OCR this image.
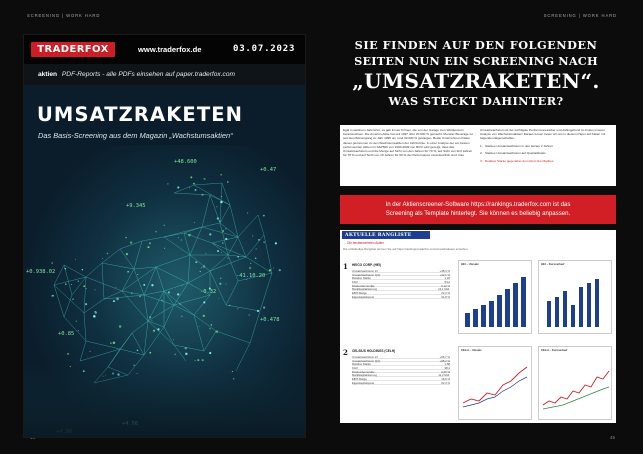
SCREENING | WORK HARD	SCREENING | WORK HARD
45
TRADERFOX	www.traderfox.de	03.07.2023
aktien PDF-Reports - alle PDFs einsehen auf paper.traderfox.com
UMSATZRAKETEN
Das Basis-Screening aus dem Magazin „Wachstumsaktien“
+48.600
+0.47
+9.345
+0.938.02
-41.10.20
-0.32
+0.478
+0.85
SIE FINDEN AUF DEN FOLGENDEN
SEITEN NUN EIN SCREENING NACH
„UMSATZRAKETEN“.
WAS STECKT DAHINTER?
Egal in welchem Jahrzehnt, es gab immer Firmen, die von der Garage zum Weltkonzern heranwuchsen. Die Amazon-Aktie hat seit 1997 über 20.000 % gemacht. Monster Beverage ist seit dem Börsengang im Jahr 1995 um rund 30.000 % gestiegen. Beide Unternehmen hätten dieses genommen zu den Wachstumsaktien der Jahrzehnte. In einer Analyse der am besten performenden Aktien im S&P500 von 1990-2009 von BCG wird gezeigt, dass das Umsatzwachstum und die Menge auf Sicht von den Jahren für 70 %, auf Sicht von fünf Jahren für 78 % und auf Sicht von 10 Jahren für 69 % der Performance verantwortlich sind. Das
Umsatzwachstum ist der wichtigste Performancetreiber und dahingehend im Fokus unserer Analyse von Wachstumsaktien! Daraus lernen treten wir uns in diesem Paper auf Aktien mit folgenden Eigenschaften:
1. Starkes Umsatzwachstum in den letzten 2 Jahren
2. Starkes Umsatzwachstum auf Quartalsbasis
3. Relative Stärke gegenüber dem Rest des Marktes
In der Aktienscreener-Software https://rankings.traderfox.com ist das
Screening als Template hinterlegt. Sie können es beliebig anpassen.
AKTUELLE RANGLISTE
→ Die bestbewerteten Aktien
Die vollständige Rangliste können Sie auf https://rankings.traderfox.com/umsatzraketen einsehen.
1 HEICO CORP. (HEI)
Umsatzwachstum 2J	+38,4 %
Umsatzwachstum Q/Q	+42,1 %
Relative Stärke	1,32
KGV	54,2
Dividendenrendite	0,12 %
Marktkapitalisierung	24,1 Mrd.
EBIT-Marge	22,3 %
Eigenkapitalquote	41,8 %
2 CELSIUS HOLDINGS (CELH)
Umsatzwachstum 2J	+96,7 %
Umsatzwachstum Q/Q	+95,2 %
Relative Stärke	1,58
KGV	98,4
Dividendenrendite	0,00 %
Marktkapitalisierung	11,2 Mrd.
EBIT-Marge	18,9 %
Eigenkapitalquote	62,4 %
HEI – Umsatz	HEI – Kursverlauf
CELH – Umsatz	CELH – Kursverlauf
